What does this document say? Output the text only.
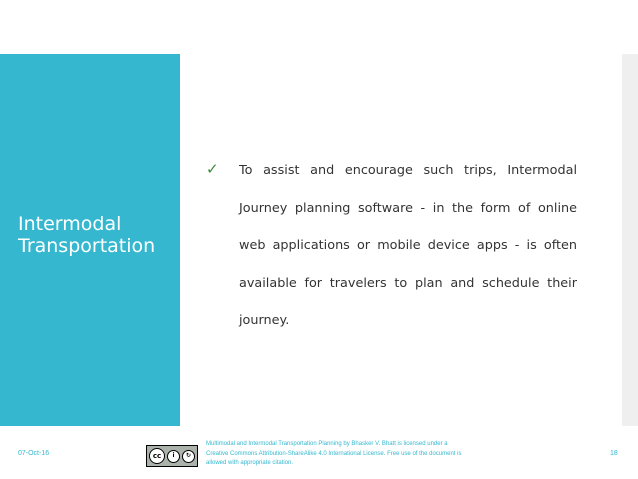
Intermodal
Transportation
✓ To assist and encourage such trips, Intermodal Journey planning software - in the form of online web applications or mobile device apps - is often available for travelers to plan and schedule their journey.
07-Oct-16	cc	i	↻
Multimodal and Intermodal Transportation Planning by Bhasker V. Bhatt is licensed under a
Creative Commons Attribution-ShareAlike 4.0 International License. Free use of the document is
allowed with appropriate citation.
18
